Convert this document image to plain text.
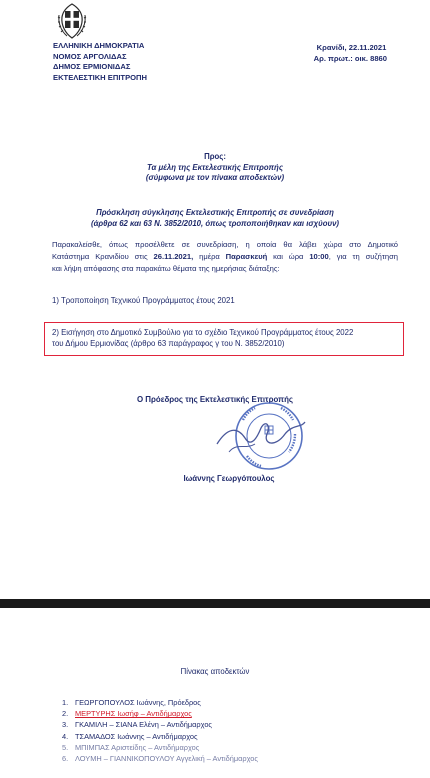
ΕΛΛΗΝΙΚΗ ΔΗΜΟΚΡΑΤΙΑ
ΝΟΜΟΣ ΑΡΓΟΛΙΔΑΣ
ΔΗΜΟΣ ΕΡΜΙΟΝΙΔΑΣ
ΕΚΤΕΛΕΣΤΙΚΗ ΕΠΙΤΡΟΠΗ
Κρανίδι, 22.11.2021
Αρ. πρωτ.: οικ. 8860
Προς:
Τα μέλη της Εκτελεστικής Επιτροπής
(σύμφωνα με τον πίνακα αποδεκτών)
Πρόσκληση σύγκλησης Εκτελεστικής Επιτροπής σε συνεδρίαση
(άρθρα 62 και 63 Ν. 3852/2010, όπως τροποποιήθηκαν και ισχύουν)
Παρακαλείσθε, όπως προσέλθετε σε συνεδρίαση, η οποία θα λάβει χώρα στο Δημοτικό
Κατάστημα Κρανιδίου στις 26.11.2021, ημέρα Παρασκευή και ώρα 10:00, για τη συζήτηση
και λήψη απόφασης στα παρακάτω θέματα της ημερήσιας διάταξης:
1) Τροποποίηση Τεχνικού Προγράμματος έτους 2021
2) Εισήγηση στο Δημοτικό Συμβούλιο για το σχέδιο Τεχνικού Προγράμματος έτους 2022
του Δήμου Ερμιονίδας (άρθρο 63 παράγραφος γ του Ν. 3852/2010)
Ο Πρόεδρος της Εκτελεστικής Επιτροπής
Ιωάννης Γεωργόπουλος
Πίνακας αποδεκτών
1. ΓΕΩΡΓΟΠΟΥΛΟΣ Ιωάννης, Πρόεδρος
2. ΜΕΡΤΥΡΗΣ Ιωσήφ – Αντιδήμαρχος
3. ΓΚΑΜΙΛΗ – ΣΙΑΝΑ Ελένη – Αντιδήμαρχος
4. ΤΣΑΜΑΔΟΣ Ιωάννης – Αντιδήμαρχος
5. ΜΠΙΜΠΑΣ Αριστείδης – Αντιδήμαρχος
6. ΛΟΥΜΗ – ΓΙΑΝΝΙΚΟΠΟΥΛΟΥ Αγγελική – Αντιδήμαρχος
